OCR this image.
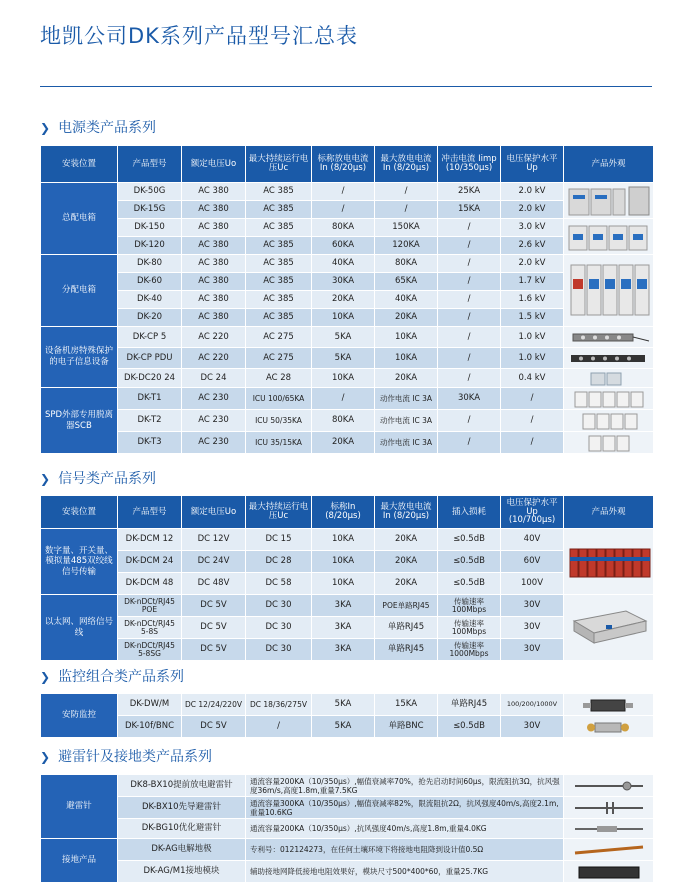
地凯公司DK系列产品型号汇总表
❯ 电源类产品系列
安装位置	产品型号	额定电压Uo	最大持续运行电压Uc	标称放电电流In (8/20μs)	最大放电电流In (8/20μs)	冲击电流 Iimp (10/350μs)	电压保护水平Up	产品外观
总配电箱	DK-50G	AC 380	AC 385	/	/	25KA	2.0 kV	

	DK-15G	AC 380	AC 385	/	/	15KA	2.0 kV	
	DK-150	AC 380	AC 385	80KA	150KA	/	3.0 kV	

	DK-120	AC 380	AC 385	60KA	120KA	/	2.6 kV	
分配电箱	DK-80	AC 380	AC 385	40KA	80KA	/	2.0 kV	

	DK-60	AC 380	AC 385	30KA	65KA	/	1.7 kV	
	DK-40	AC 380	AC 385	20KA	40KA	/	1.6 kV	
	DK-20	AC 380	AC 385	10KA	20KA	/	1.5 kV	
设备机房特殊保护的电子信息设备	DK-CP 5	AC 220	AC 275	5KA	10KA	/	1.0 kV	

	DK-CP PDU	AC 220	AC 275	5KA	10KA	/	1.0 kV	

	DK-DC20 24	DC 24	AC 28	10KA	20KA	/	0.4 kV	

SPD外部专用脱离器SCB	DK-T1	AC 230	ICU 100/65KA	/	动作电流 IC 3A	30KA	/	

	DK-T2	AC 230	ICU 50/35KA	80KA	动作电流 IC 3A	/	/	

	DK-T3	AC 230	ICU 35/15KA	20KA	动作电流 IC 3A	/	/	
❯ 信号类产品系列
安装位置	产品型号	额定电压Uo	最大持续运行电压Uc	标称In (8/20μs)	最大放电电流In (8/20μs)	插入损耗	电压保护水平Up (10/700μs)	产品外观
数字量、开关量、模拟量485双绞线信号传输	DK-DCM 12	DC 12V	DC 15	10KA	20KA	≤0.5dB	40V	

	DK-DCM 24	DC 24V	DC 28	10KA	20KA	≤0.5dB	60V	
	DK-DCM 48	DC 48V	DC 58	10KA	20KA	≤0.5dB	100V	
以太网、网络信号线	DK-nDCt/RJ45 POE	DC 5V	DC 30	3KA	POE单路RJ45	传输速率 100Mbps	30V	

	DK-nDCt/RJ45 5-8S	DC 5V	DC 30	3KA	单路RJ45	传输速率 100Mbps	30V	
	DK-nDCt/RJ45 5-8SG	DC 5V	DC 30	3KA	单路RJ45	传输速率 1000Mbps	30V	
❯ 监控组合类产品系列
安防监控	DK-DW/M	DC 12/24/220V	DC 18/36/275V	5KA	15KA	单路RJ45	100/200/1000V	

	DK-10f/BNC	DC 5V	/	5KA	单路BNC	≤0.5dB	30V	
❯ 避雷针及接地类产品系列
避雷针	DK8-BX10提前放电避雷针	通流容量200KA（10/350μs）,幅值衰减率70%，抢先启动时间60μs，限流阻抗3Ω，抗风强度36m/s,高度1.8m,重量7.5KG	

	DK-BX10先导避雷针	通流容量300KA（10/350μs）,幅值衰减率82%，限流阻抗2Ω，抗风强度40m/s,高度2.1m,重量10.6KG	

	DK-BG10优化避雷针	通流容量200KA（10/350μs）,抗风强度40m/s,高度1.8m,重量4.0KG	

接地产品	DK-AG电解地极	专利号：012124273，在任何土壤环境下将接地电阻降到设计值0.5Ω	

	DK-AG/M1接地模块	辅助接地网降低接地电阻效果好，模块尺寸500*400*60，重量25.7KG	
